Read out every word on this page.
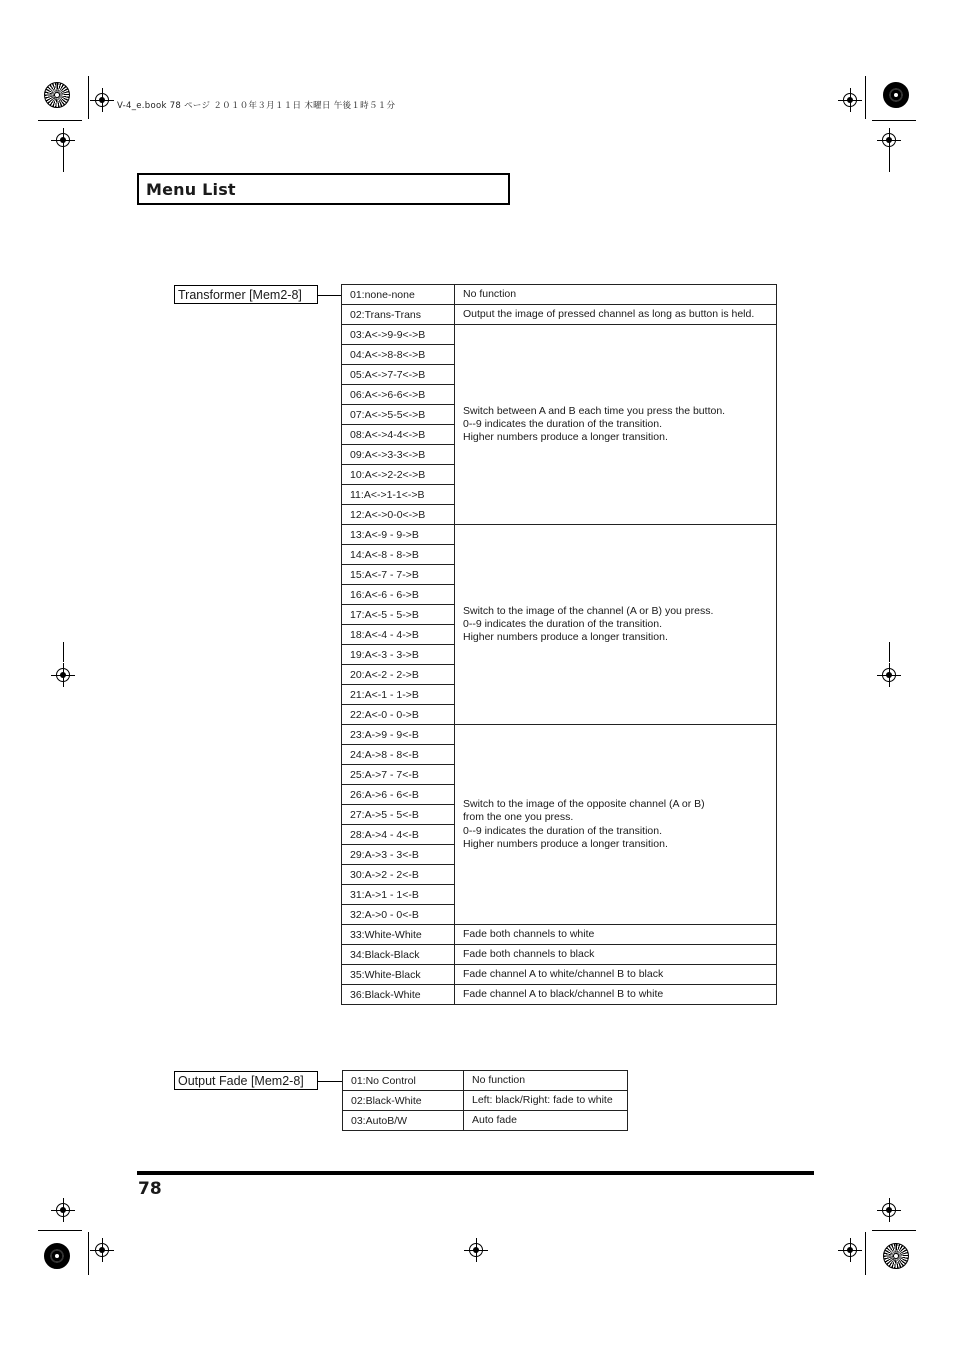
V-4_e.book 78 ページ ２０１０年３月１１日 木曜日 午後１時５１分
Menu List
Transformer [Mem2-8]	01:none-none	No function
02:Trans-Trans	Output the image of pressed channel as long as button is held.
03:A<->9-9<->B	Switch between A and B each time you press the button.
0--9 indicates the duration of the transition.
Higher numbers produce a longer transition.
04:A<->8-8<->B	
05:A<->7-7<->B	
06:A<->6-6<->B	
07:A<->5-5<->B	
08:A<->4-4<->B	
09:A<->3-3<->B	
10:A<->2-2<->B	
11:A<->1-1<->B	
12:A<->0-0<->B	
13:A<-9 - 9->B	Switch to the image of the channel (A or B) you press.
0--9 indicates the duration of the transition.
Higher numbers produce a longer transition.
14:A<-8 - 8->B	
15:A<-7 - 7->B	
16:A<-6 - 6->B	
17:A<-5 - 5->B	
18:A<-4 - 4->B	
19:A<-3 - 3->B	
20:A<-2 - 2->B	
21:A<-1 - 1->B	
22:A<-0 - 0->B	
23:A->9 - 9<-B	Switch to the image of the opposite channel (A or B)
from the one you press.
0--9 indicates the duration of the transition.
Higher numbers produce a longer transition.
24:A->8 - 8<-B	
25:A->7 - 7<-B	
26:A->6 - 6<-B	
27:A->5 - 5<-B	
28:A->4 - 4<-B	
29:A->3 - 3<-B	
30:A->2 - 2<-B	
31:A->1 - 1<-B	
32:A->0 - 0<-B	
33:White-White	Fade both channels to white
34:Black-Black	Fade both channels to black
35:White-Black	Fade channel A to white/channel B to black
36:Black-White	Fade channel A to black/channel B to white
Output Fade [Mem2-8]	01:No Control	No function
02:Black-White	Left: black/Right: fade to white
03:AutoB/W	Auto fade
78
